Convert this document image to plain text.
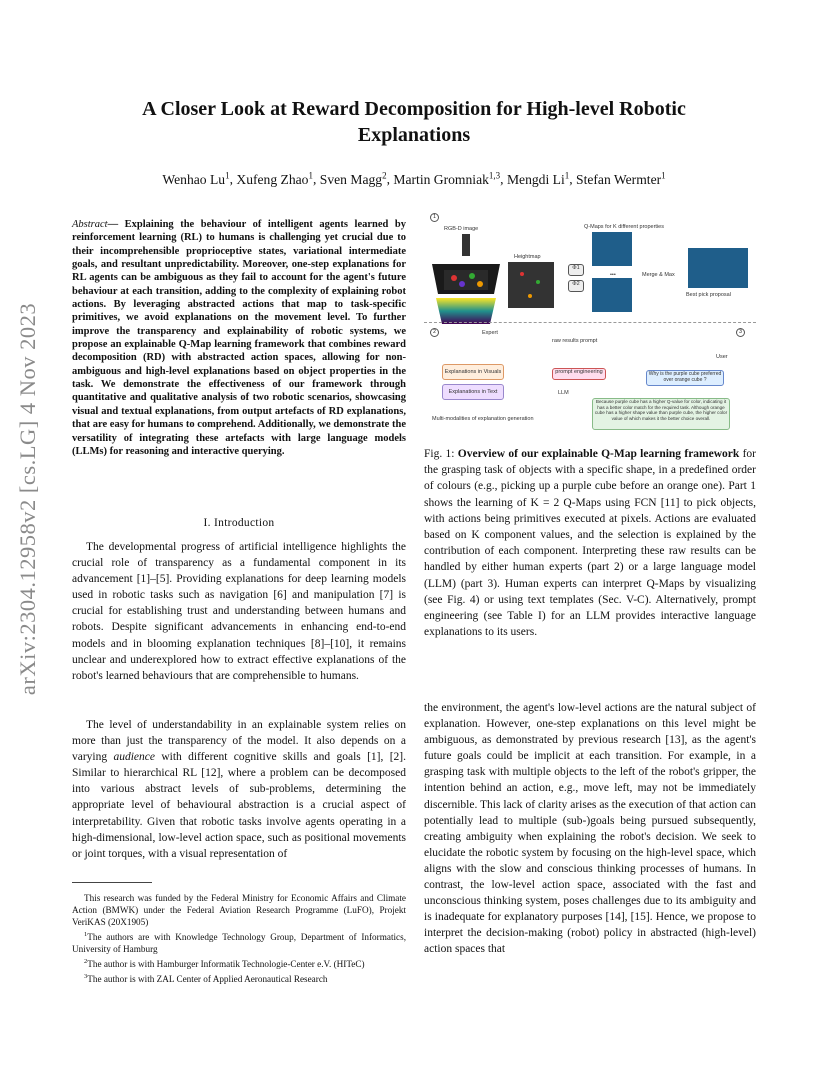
arXiv:2304.12958v2 [cs.LG] 4 Nov 2023
A Closer Look at Reward Decomposition for High-level Robotic Explanations
Wenhao Lu$^1$, Xufeng Zhao$^1$, Sven Magg$^2$, Martin Gromniak$^{1,3}$, Mengdi Li$^1$, Stefan Wermter$^1$
Abstract— Explaining the behaviour of intelligent agents learned by reinforcement learning (RL) to humans is challenging yet crucial due to their incomprehensible proprioceptive states, variational intermediate goals, and resultant unpredictability. Moreover, one-step explanations for RL agents can be ambiguous as they fail to account for the agent's future behaviour at each transition, adding to the complexity of explaining robot actions. By leveraging abstracted actions that map to task-specific primitives, we avoid explanations on the movement level. To further improve the transparency and explainability of robotic systems, we propose an explainable Q-Map learning framework that combines reward decomposition (RD) with abstracted action spaces, allowing for non-ambiguous and high-level explanations based on object properties in the task. We demonstrate the effectiveness of our framework through quantitative and qualitative analysis of two robotic scenarios, showcasing visual and textual explanations, from output artefacts of RD explanations, that are easy for humans to comprehend. Additionally, we demonstrate the versatility of integrating these artefacts with large language models (LLMs) for reasoning and interactive querying.
I. Introduction
The developmental progress of artificial intelligence highlights the crucial role of transparency as a fundamental component in its advancement [1]–[5]. Providing explanations for deep learning models used in robotic tasks such as navigation [6] and manipulation [7] is crucial for establishing trust and understanding between humans and robots. Despite significant advancements in enhancing end-to-end models and in blooming explanation techniques [8]–[10], it remains unclear and underexplored how to extract effective explanations of the robot's learned behaviours that are comprehensible to humans.
The level of understandability in an explainable system relies on more than just the transparency of the model. It also depends on a varying audience with different cognitive skills and goals [1], [2]. Similar to hierarchical RL [12], where a problem can be decomposed into various abstract levels of sub-problems, determining the appropriate level of behavioural abstraction is a crucial aspect of interpretability. Given that robotic tasks involve agents operating in a high-dimensional, low-level action space, such as positional movements or joint torques, with a visual representation of

This research was funded by the Federal Ministry for Economic Affairs and Climate Action (BMWK) under the Federal Aviation Research Programme (LuFO), Projekt VeriKAS (20X1905)

$^1$The authors are with Knowledge Technology Group, Department of Informatics, University of Hamburg

$^2$The author is with Hamburger Informatik Technologie-Center e.V. (HITeC)

$^3$The author is with ZAL Center of Applied Aeronautical Research

1
RGB-D image
Heightmap
Q-Maps for K different properties
Φ1
Φ2
•••	Merge & Max
Best pick proposal
2	3
Expert
raw results prompt
prompt engineering
Explanations in Visuals
Explanations in Text
Multi-modalities of explanation generation
LLM
User
Why is the purple cube preferred over orange cube ?
Because purple cube has a higher Q-value for color, indicating it has a better color match for the required task. Although orange cube has a higher shape value than purple cube, the higher color value of which makes it the better choice overall.
Fig. 1: Overview of our explainable Q-Map learning framework for the grasping task of objects with a specific shape, in a predefined order of colours (e.g., picking up a purple cube before an orange one). Part 1 shows the learning of K = 2 Q-Maps using FCN [11] to pick objects, with actions being primitives executed at pixels. Actions are evaluated based on K component values, and the selection is explained by the contribution of each component. Interpreting these raw results can be handled by either human experts (part 2) or a large language model (LLM) (part 3). Human experts can interpret Q-Maps by visualizing (see Fig. 4) or using text templates (Sec. V-C). Alternatively, prompt engineering (see Table I) for an LLM provides interactive language explanations to its users.
the environment, the agent's low-level actions are the natural subject of explanation. However, one-step explanations on this level might be ambiguous, as demonstrated by previous research [13], as the agent's future goals could be implicit at each transition. For example, in a grasping task with multiple objects to the left of the robot's gripper, the intention behind an action, e.g., move left, may not be immediately discernible. This lack of clarity arises as the execution of that action can potentially lead to multiple (sub-)goals being pursued subsequently, creating ambiguity when explaining the robot's decision. We seek to elucidate the robotic system by focusing on the high-level space, which aligns with the slow and conscious thinking processes of humans. In contrast, the low-level action space, associated with the fast and unconscious thinking system, poses challenges due to its ambiguity and is inadequate for explanatory purposes [14], [15]. Hence, we propose to interpret the decision-making (robot) policy in abstracted (high-level) action spaces that
